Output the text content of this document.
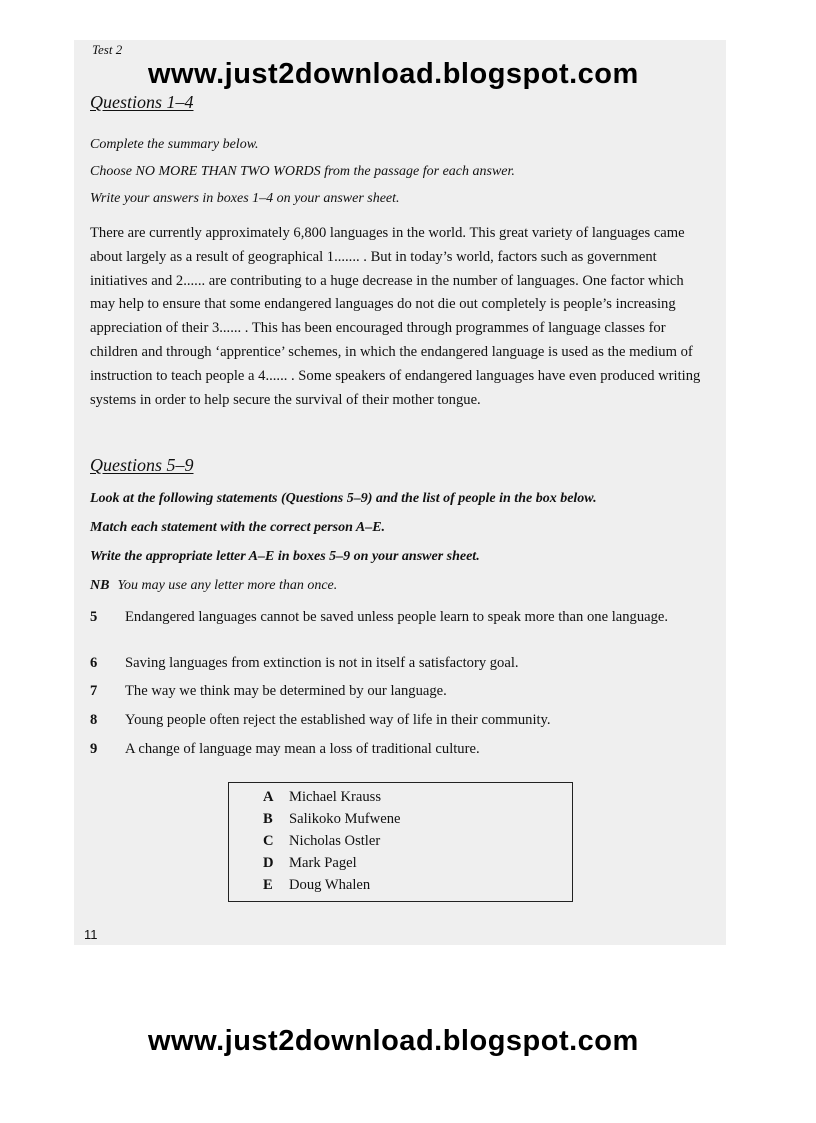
Test 2
www.just2download.blogspot.com
Questions 1–4
Complete the summary below.
Choose NO MORE THAN TWO WORDS from the passage for each answer.
Write your answers in boxes 1–4 on your answer sheet.

There are currently approximately 6,800 languages in the world. This great variety of languages came about largely as a result of geographical 1....... . But in today’s world, factors such as government initiatives and 2...... are contributing to a huge decrease in the number of languages. One factor which may help to ensure that some endangered languages do not die out completely is people’s increasing appreciation of their 3...... . This has been encouraged through programmes of language classes for children and through ‘apprentice’ schemes, in which the endangered language is used as the medium of instruction to teach people a 4...... . Some speakers of endangered languages have even produced writing systems in order to help secure the survival of their mother tongue.

Questions 5–9
Look at the following statements (Questions 5–9) and the list of people in the box below.
Match each statement with the correct person A–E.
Write the appropriate letter A–E in boxes 5–9 on your answer sheet.
NB You may use any letter more than once.
5 Endangered languages cannot be saved unless people learn to speak more than one language.
6 Saving languages from extinction is not in itself a satisfactory goal.
7 The way we think may be determined by our language.
8 Young people often reject the established way of life in their community.
9 A change of language may mean a loss of traditional culture.
A Michael Krauss
B Salikoko Mufwene
C Nicholas Ostler
D Mark Pagel
E Doug Whalen
11
www.just2download.blogspot.com
